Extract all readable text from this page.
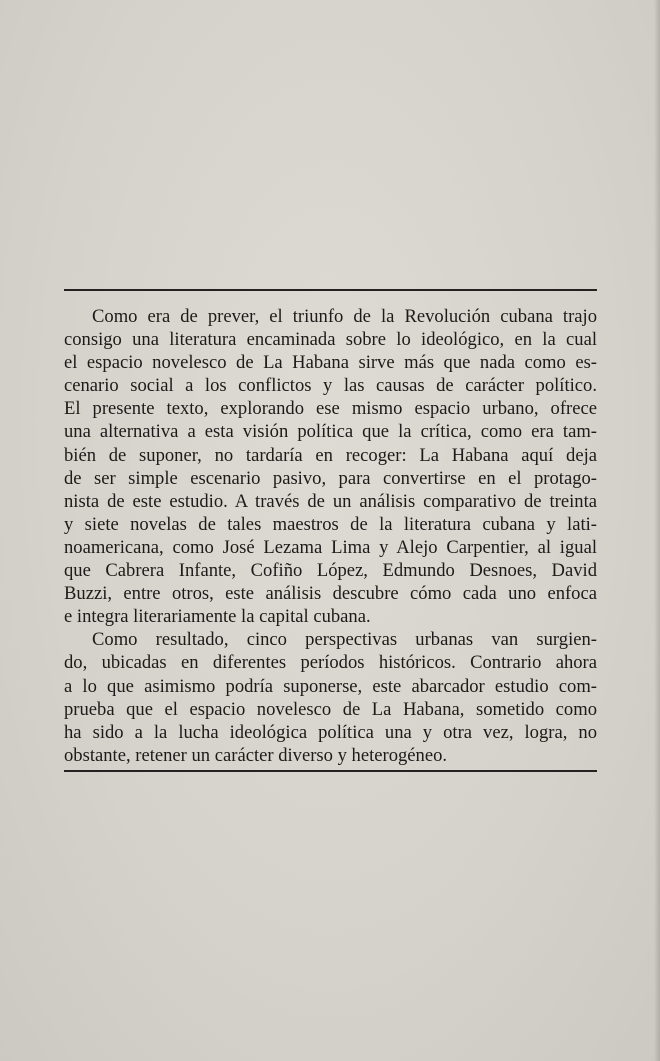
Como era de prever, el triunfo de la Revolución cubana trajo
consigo una literatura encaminada sobre lo ideológico, en la cual
el espacio novelesco de La Habana sirve más que nada como es-
cenario social a los conflictos y las causas de carácter político.
El presente texto, explorando ese mismo espacio urbano, ofrece
una alternativa a esta visión política que la crítica, como era tam-
bién de suponer, no tardaría en recoger: La Habana aquí deja
de ser simple escenario pasivo, para convertirse en el protago-
nista de este estudio. A través de un análisis comparativo de treinta
y siete novelas de tales maestros de la literatura cubana y lati-
noamericana, como José Lezama Lima y Alejo Carpentier, al igual
que Cabrera Infante, Cofiño López, Edmundo Desnoes, David
Buzzi, entre otros, este análisis descubre cómo cada uno enfoca
e integra literariamente la capital cubana.
Como resultado, cinco perspectivas urbanas van surgien-
do, ubicadas en diferentes períodos históricos. Contrario ahora
a lo que asimismo podría suponerse, este abarcador estudio com-
prueba que el espacio novelesco de La Habana, sometido como
ha sido a la lucha ideológica política una y otra vez, logra, no
obstante, retener un carácter diverso y heterogéneo.
